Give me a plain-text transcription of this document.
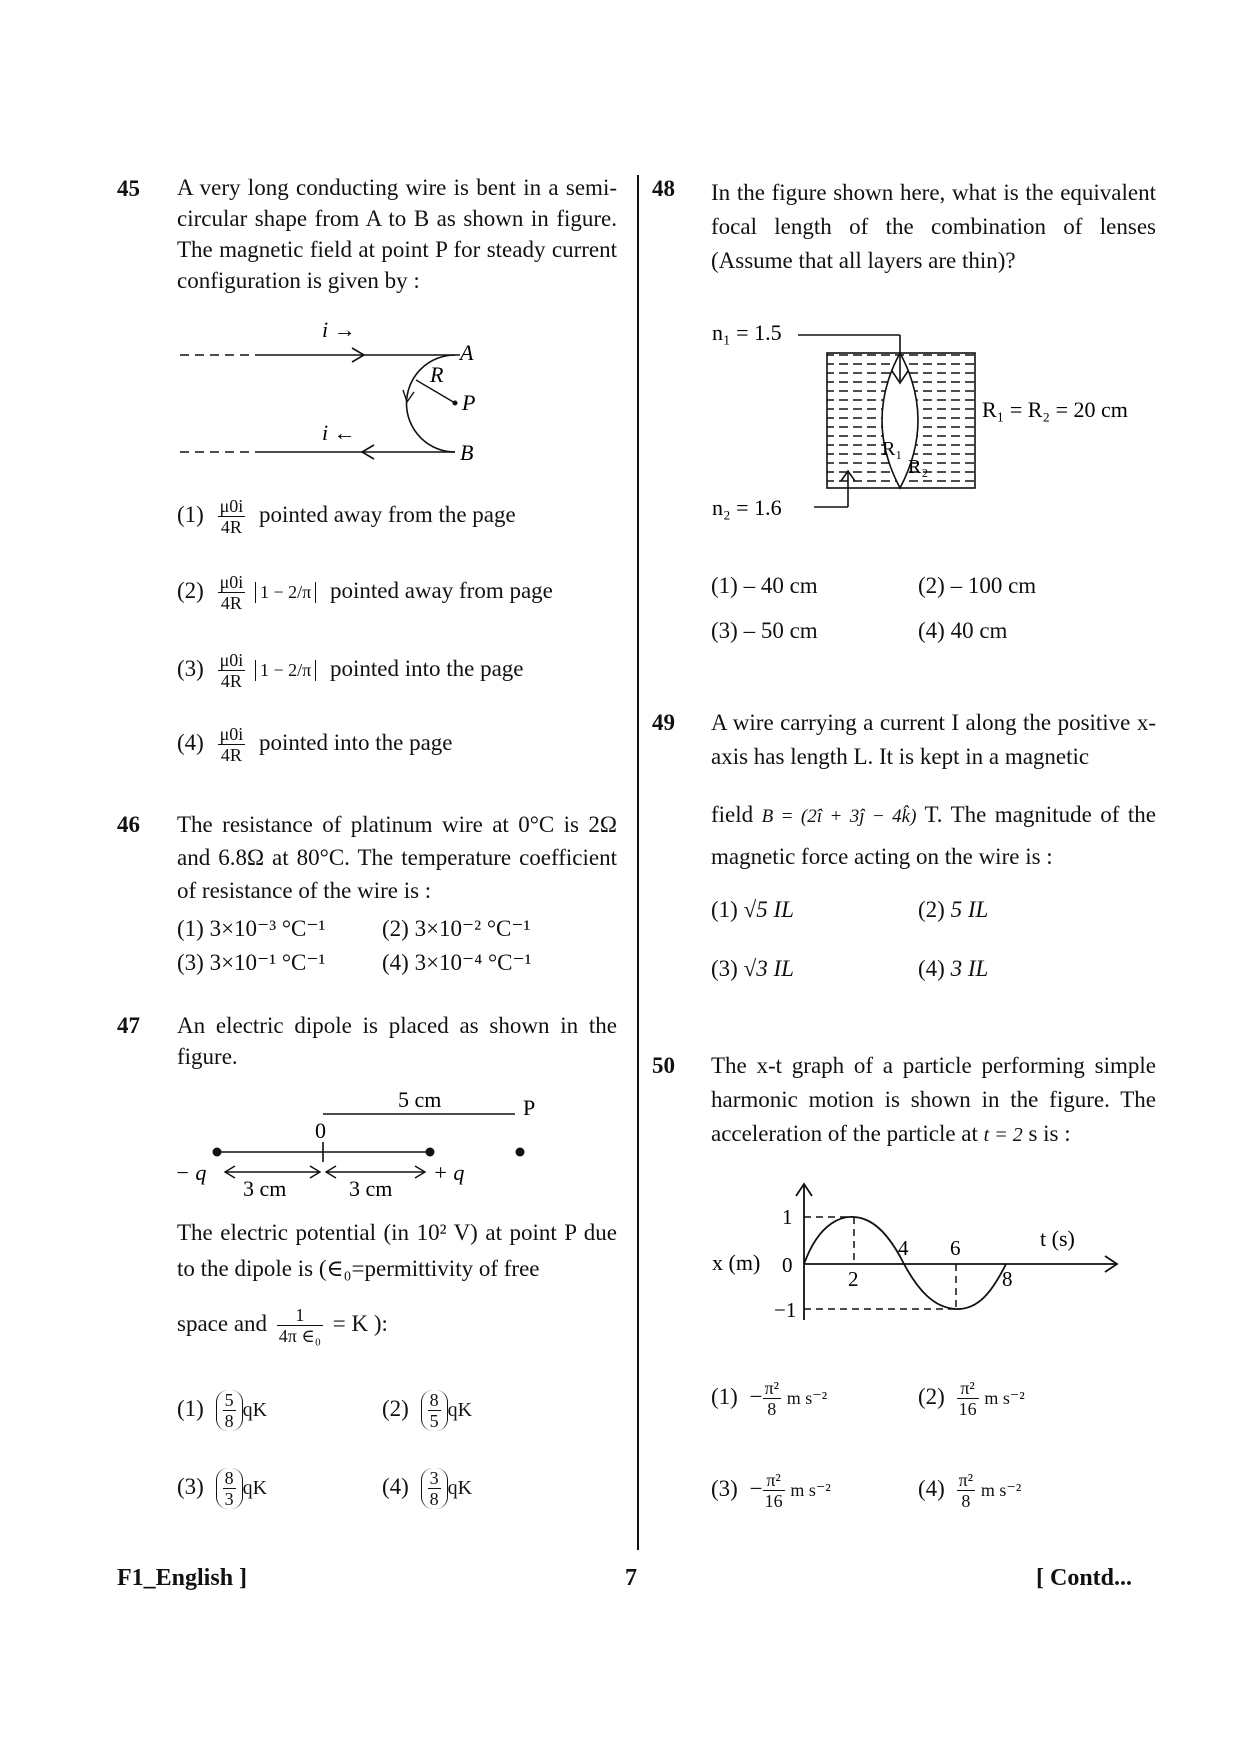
45 A very long conducting wire is bent in a semi-circular shape from A to B as shown in figure. The magnetic field at point P for steady current configuration is given by :
i →
i ←
A
B
R
P
$(1) \frac{\mu 0i}{4R}$ pointed away from the page
$(2) \frac{\mu 0i}{4R} 1 - 2/\pi$ pointed away from page
$(3) \frac{\mu 0i}{4R} 1 - 2/\pi$ pointed into the page
$(4) \frac{\mu 0i}{4R}$ pointed into the page
46 The resistance of platinum wire at 0°C is 2Ω and 6.8Ω at 80°C. The temperature coefficient of resistance of the wire is :
(1) 3×10⁻³ °C⁻¹ (2) 3×10⁻² °C⁻¹
(3) 3×10⁻¹ °C⁻¹ (4) 3×10⁻⁴ °C⁻¹
47 An electric dipole is placed as shown in the figure.
5 cm
0
P
− q	+ q
3 cm	3 cm
The electric potential (in 10² V) at point P due to the dipole is (∈₀=permittivity of free
space and $\frac{1}{\text{4π ∈₀}} = K$ ):
$(1) \frac{5}{8}$ qK	$(2) \frac{8}{5}$ qK
$(3) \frac{8}{3}$ qK	$(4) \frac{3}{8}$ qK
48 In the figure shown here, what is the equivalent focal length of the combination of lenses (Assume that all layers are thin)?
n₁ = 1.5
n₂ = 1.6
R₁ = R₂ = 20 cm
R₁
R₂
(1) – 40 cm	(2) – 100 cm
(3) – 50 cm	(4) 40 cm
49 A wire carrying a current I along the positive x-axis has length L. It is kept in a magnetic
field B = (2î + 3ĵ − 4k̂) T. The magnitude of the magnetic force acting on the wire is :
(1) √5 IL	(2) 5 IL
(3) √3 IL	(4) 3 IL
50 The x-t graph of a particle performing simple harmonic motion is shown in the figure. The acceleration of the particle at t = 2 s is :
x (m)
t (s)
1
0
−1
2
4 6
8
$(1) - \frac{\text{π²}}{8}$ m s⁻²	$(2) \frac{\text{π²}}{16}$ m s⁻²
$(3) - \frac{\text{π²}}{16}$ m s⁻²	$(4) \frac{\text{π²}}{8}$ m s⁻²
F1_English ]	7	[ Contd...
